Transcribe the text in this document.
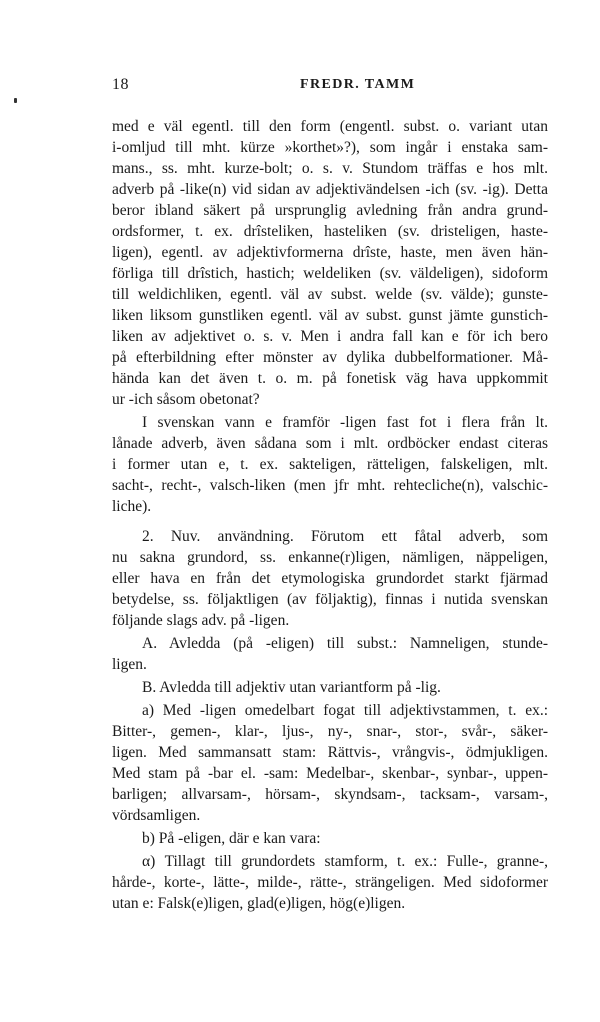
18	FREDR. TAMM
med e väl egentl. till den form (engentl. subst. o. variant utan
i-omljud till mht. kürze »korthet»?), som ingår i enstaka sam-
mans., ss. mht. kurze-bolt; o. s. v. Stundom träffas e hos mlt.
adverb på -like(n) vid sidan av adjektivändelsen -ich (sv. -ig). Detta
beror ibland säkert på ursprunglig avledning från andra grund-
ordsformer, t. ex. drîsteliken, hasteliken (sv. dristeligen, haste-
ligen), egentl. av adjektivformerna drîste, haste, men även hän-
förliga till drîstich, hastich; weldeliken (sv. väldeligen), sidoform
till weldichliken, egentl. väl av subst. welde (sv. välde); gunste-
liken liksom gunstliken egentl. väl av subst. gunst jämte gunstich-
liken av adjektivet o. s. v. Men i andra fall kan e för ich bero
på efterbildning efter mönster av dylika dubbelformationer. Må-
hända kan det även t. o. m. på fonetisk väg hava uppkommit
ur -ich såsom obetonat?
I svenskan vann e framför -ligen fast fot i flera från lt.
lånade adverb, även sådana som i mlt. ordböcker endast citeras
i former utan e, t. ex. sakteligen, rätteligen, falskeligen, mlt.
sacht-, recht-, valsch-liken (men jfr mht. rehtecliche(n), valschic-
liche).
2. Nuv. användning. Förutom ett fåtal adverb, som
nu sakna grundord, ss. enkanne(r)ligen, nämligen, näppeligen,
eller hava en från det etymologiska grundordet starkt fjärmad
betydelse, ss. följaktligen (av följaktig), finnas i nutida svenskan
följande slags adv. på -ligen.
A. Avledda (på -eligen) till subst.: Namneligen, stunde-
ligen.
B. Avledda till adjektiv utan variantform på -lig.
a) Med -ligen omedelbart fogat till adjektivstammen, t. ex.:
Bitter-, gemen-, klar-, ljus-, ny-, snar-, stor-, svår-, säker-
ligen. Med sammansatt stam: Rättvis-, vrångvis-, ödmjukligen.
Med stam på -bar el. -sam: Medelbar-, skenbar-, synbar-, uppen-
barligen; allvarsam-, hörsam-, skyndsam-, tacksam-, varsam-,
vördsamligen.
b) På -eligen, där e kan vara:
α) Tillagt till grundordets stamform, t. ex.: Fulle-, granne-,
hårde-, korte-, lätte-, milde-, rätte-, strängeligen. Med sidoformer
utan e: Falsk(e)ligen, glad(e)ligen, hög(e)ligen.
